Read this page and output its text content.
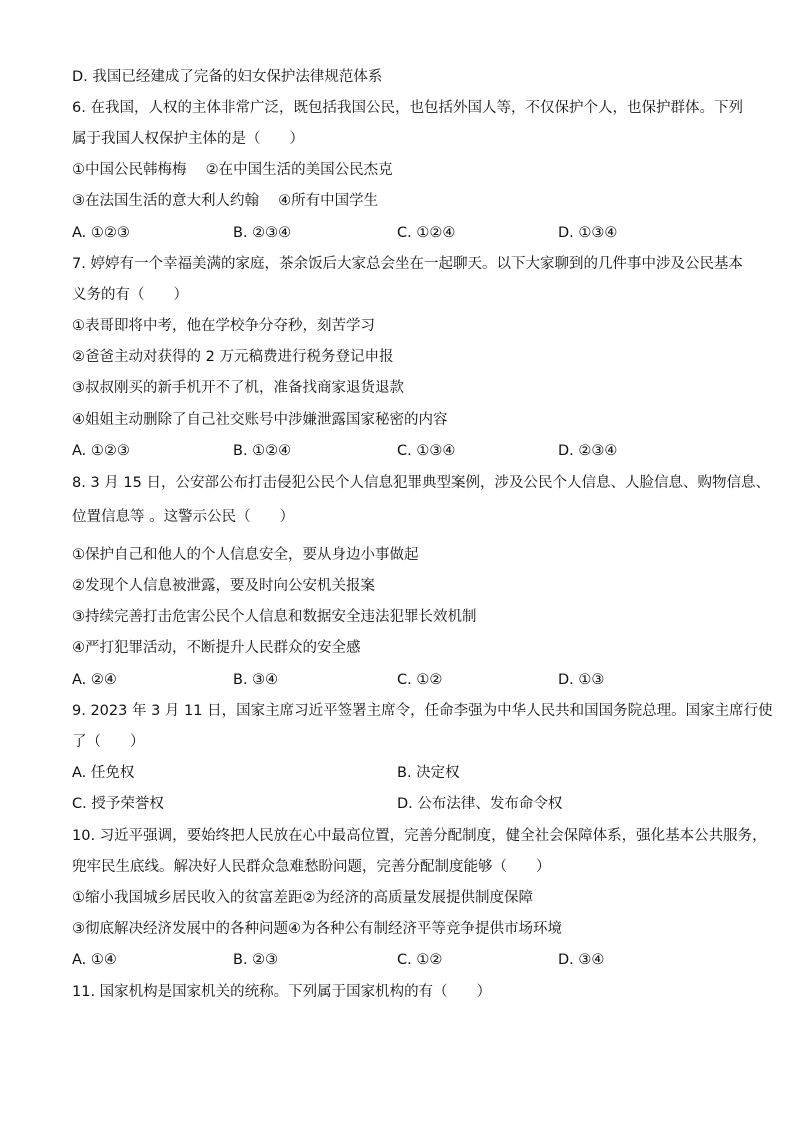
D. 我国已经建成了完备的妇女保护法律规范体系
6. 在我国，人权的主体非常广泛，既包括我国公民，也包括外国人等，不仅保护个人，也保护群体。下列
属于我国人权保护主体的是（　　）
①中国公民韩梅梅　 ②在中国生活的美国公民杰克
③在法国生活的意大利人约翰　 ④所有中国学生
A. ①②③	B. ②③④	C. ①②④	D. ①③④
7. 婷婷有一个幸福美满的家庭，茶余饭后大家总会坐在一起聊天。以下大家聊到的几件事中涉及公民基本
义务的有（　　）
①表哥即将中考，他在学校争分夺秒，刻苦学习
②爸爸主动对获得的 2 万元稿费进行税务登记申报
③叔叔刚买的新手机开不了机，准备找商家退货退款
④姐姐主动删除了自己社交账号中涉嫌泄露国家秘密的内容
A. ①②③	B. ①②④	C. ①③④	D. ②③④
8. 3 月 15 日，公安部公布打击侵犯公民个人信息犯罪典型案例，涉及公民个人信息、人脸信息、购物信息、
位置信息等 。这警示公民（　　）
①保护自己和他人的个人信息安全，要从身边小事做起
②发现个人信息被泄露，要及时向公安机关报案
③持续完善打击危害公民个人信息和数据安全违法犯罪长效机制
④严打犯罪活动，不断提升人民群众的安全感
A. ②④	B. ③④	C. ①②	D. ①③
9. 2023 年 3 月 11 日，国家主席习近平签署主席令，任命李强为中华人民共和国国务院总理。国家主席行使
了（　　）
A. 任免权	B. 决定权
C. 授予荣誉权	D. 公布法律、发布命令权
10. 习近平强调，要始终把人民放在心中最高位置，完善分配制度，健全社会保障体系，强化基本公共服务，
兜牢民生底线。解决好人民群众急难愁盼问题，完善分配制度能够（　　）
①缩小我国城乡居民收入的贫富差距②为经济的高质量发展提供制度保障
③彻底解决经济发展中的各种问题④为各种公有制经济平等竞争提供市场环境
A. ①④	B. ②③	C. ①②	D. ③④
11. 国家机构是国家机关的统称。下列属于国家机构的有（　　）
